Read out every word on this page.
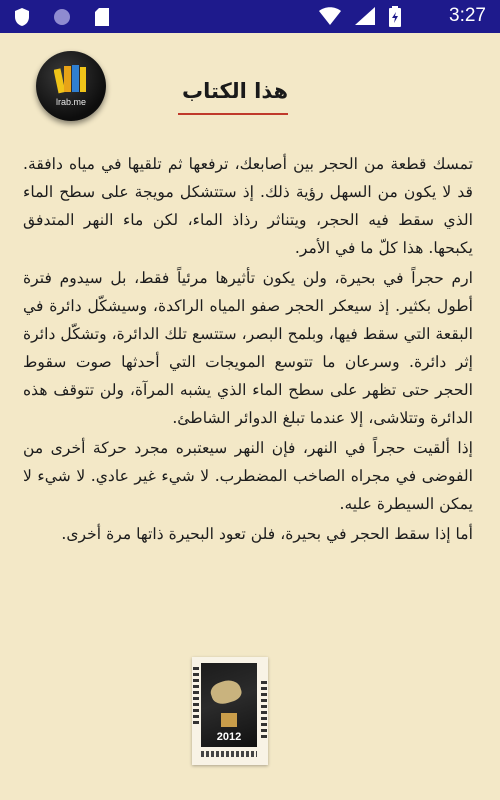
3:27
lrab.me	هذا الكتاب

تمسك قطعة من الحجر بين أصابعك، ترفعها ثم تلقيها في مياه دافقة. قد لا يكون من السهل رؤية ذلك. إذ ستتشكل مويجة على سطح الماء الذي سقط فيه الحجر، ويتناثر رذاذ الماء، لكن ماء النهر المتدفق يكبحها. هذا كلّ ما في الأمر.

ارم حجراً في بحيرة، ولن يكون تأثيرها مرئياً فقط، بل سيدوم فترة أطول بكثير. إذ سيعكر الحجر صفو المياه الراكدة، وسيشكّل دائرة في البقعة التي سقط فيها، وبلمح البصر، ستتسع تلك الدائرة، وتشكّل دائرة إثر دائرة. وسرعان ما تتوسع المويجات التي أحدثها صوت سقوط الحجر حتى تظهر على سطح الماء الذي يشبه المرآة، ولن تتوقف هذه الدائرة وتتلاشى، إلا عندما تبلغ الدوائر الشاطئ.

إذا ألقيت حجراً في النهر، فإن النهر سيعتبره مجرد حركة أخرى من الفوضى في مجراه الصاخب المضطرب. لا شيء غير عادي. لا شيء لا يمكن السيطرة عليه.

أما إذا سقط الحجر في بحيرة، فلن تعود البحيرة ذاتها مرة أخرى.

2012
